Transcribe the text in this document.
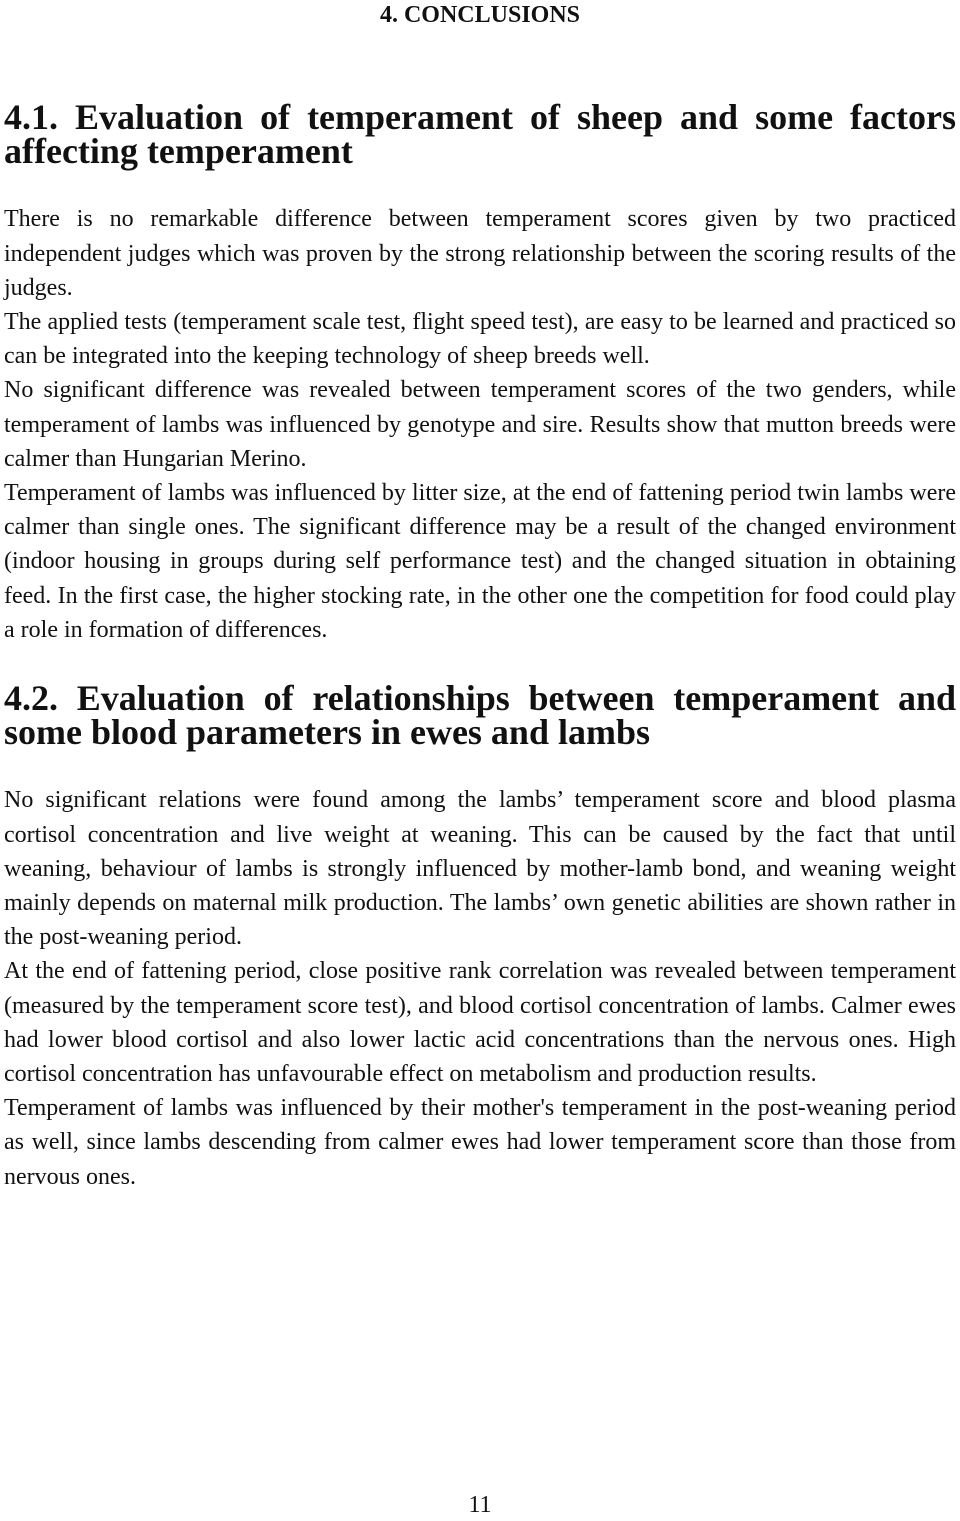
4. CONCLUSIONS
4.1. Evaluation of temperament of sheep and some factors affecting temperament

There is no remarkable difference between temperament scores given by two practiced independent judges which was proven by the strong relationship between the scoring results of the judges.

The applied tests (temperament scale test, flight speed test), are easy to be learned and practiced so can be integrated into the keeping technology of sheep breeds well.

No significant difference was revealed between temperament scores of the two genders, while temperament of lambs was influenced by genotype and sire. Results show that mutton breeds were calmer than Hungarian Merino.

Temperament of lambs was influenced by litter size, at the end of fattening period twin lambs were calmer than single ones. The significant difference may be a result of the changed environment (indoor housing in groups during self performance test) and the changed situation in obtaining feed. In the first case, the higher stocking rate, in the other one the competition for food could play a role in formation of differences.

4.2. Evaluation of relationships between temperament and some blood parameters in ewes and lambs

No significant relations were found among the lambs’ temperament score and blood plasma cortisol concentration and live weight at weaning. This can be caused by the fact that until weaning, behaviour of lambs is strongly influenced by mother-lamb bond, and weaning weight mainly depends on maternal milk production. The lambs’ own genetic abilities are shown rather in the post-weaning period.

At the end of fattening period, close positive rank correlation was revealed between temperament (measured by the temperament score test), and blood cortisol concentration of lambs. Calmer ewes had lower blood cortisol and also lower lactic acid concentrations than the nervous ones. High cortisol concentration has unfavourable effect on metabolism and production results.

Temperament of lambs was influenced by their mother's temperament in the post-weaning period as well, since lambs descending from calmer ewes had lower temperament score than those from nervous ones.

11
